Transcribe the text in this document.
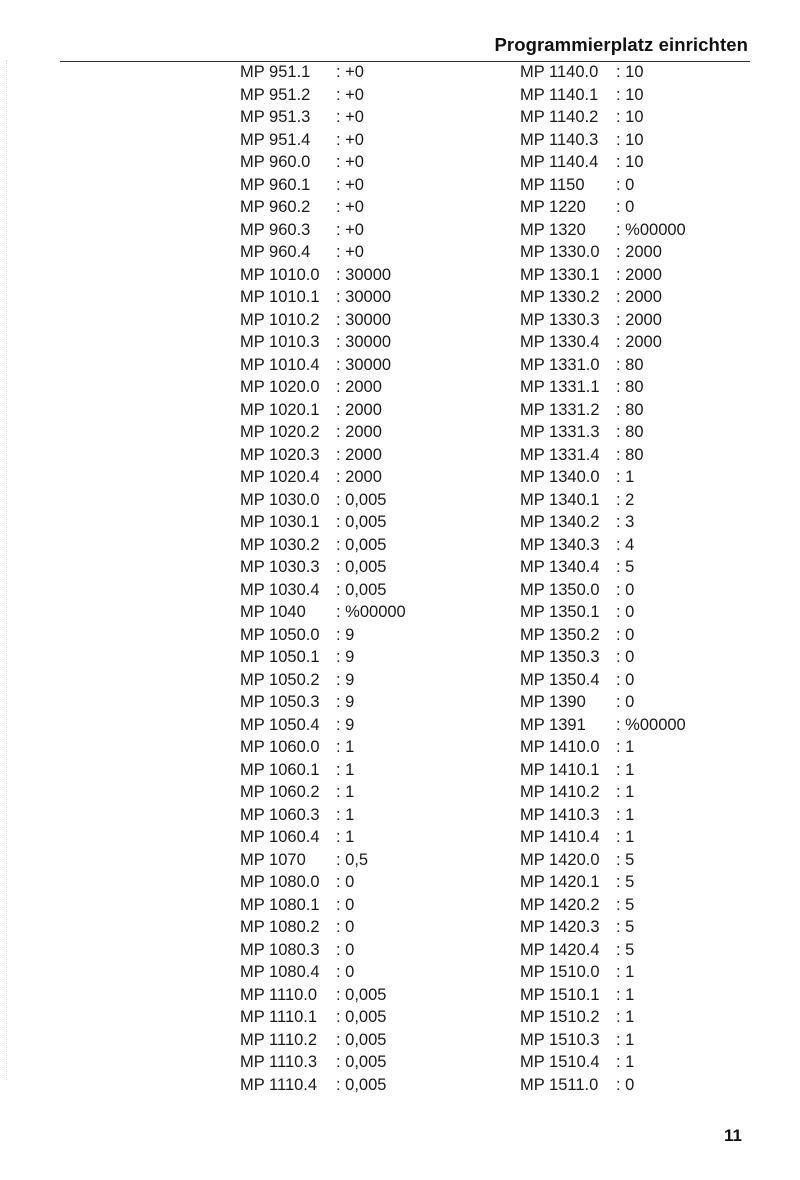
Programmierplatz einrichten
MP 951.1 : +0
MP 951.2 : +0
MP 951.3 : +0
MP 951.4 : +0
MP 960.0 : +0
MP 960.1 : +0
MP 960.2 : +0
MP 960.3 : +0
MP 960.4 : +0
MP 1010.0 : 30000
MP 1010.1 : 30000
MP 1010.2 : 30000
MP 1010.3 : 30000
MP 1010.4 : 30000
MP 1020.0 : 2000
MP 1020.1 : 2000
MP 1020.2 : 2000
MP 1020.3 : 2000
MP 1020.4 : 2000
MP 1030.0 : 0,005
MP 1030.1 : 0,005
MP 1030.2 : 0,005
MP 1030.3 : 0,005
MP 1030.4 : 0,005
MP 1040 : %00000
MP 1050.0 : 9
MP 1050.1 : 9
MP 1050.2 : 9
MP 1050.3 : 9
MP 1050.4 : 9
MP 1060.0 : 1
MP 1060.1 : 1
MP 1060.2 : 1
MP 1060.3 : 1
MP 1060.4 : 1
MP 1070 : 0,5
MP 1080.0 : 0
MP 1080.1 : 0
MP 1080.2 : 0
MP 1080.3 : 0
MP 1080.4 : 0
MP 1110.0 : 0,005
MP 1110.1 : 0,005
MP 1110.2 : 0,005
MP 1110.3 : 0,005
MP 1110.4 : 0,005
MP 1140.0 : 10
MP 1140.1 : 10
MP 1140.2 : 10
MP 1140.3 : 10
MP 1140.4 : 10
MP 1150 : 0
MP 1220 : 0
MP 1320 : %00000
MP 1330.0 : 2000
MP 1330.1 : 2000
MP 1330.2 : 2000
MP 1330.3 : 2000
MP 1330.4 : 2000
MP 1331.0 : 80
MP 1331.1 : 80
MP 1331.2 : 80
MP 1331.3 : 80
MP 1331.4 : 80
MP 1340.0 : 1
MP 1340.1 : 2
MP 1340.2 : 3
MP 1340.3 : 4
MP 1340.4 : 5
MP 1350.0 : 0
MP 1350.1 : 0
MP 1350.2 : 0
MP 1350.3 : 0
MP 1350.4 : 0
MP 1390 : 0
MP 1391 : %00000
MP 1410.0 : 1
MP 1410.1 : 1
MP 1410.2 : 1
MP 1410.3 : 1
MP 1410.4 : 1
MP 1420.0 : 5
MP 1420.1 : 5
MP 1420.2 : 5
MP 1420.3 : 5
MP 1420.4 : 5
MP 1510.0 : 1
MP 1510.1 : 1
MP 1510.2 : 1
MP 1510.3 : 1
MP 1510.4 : 1
MP 1511.0 : 0
11
